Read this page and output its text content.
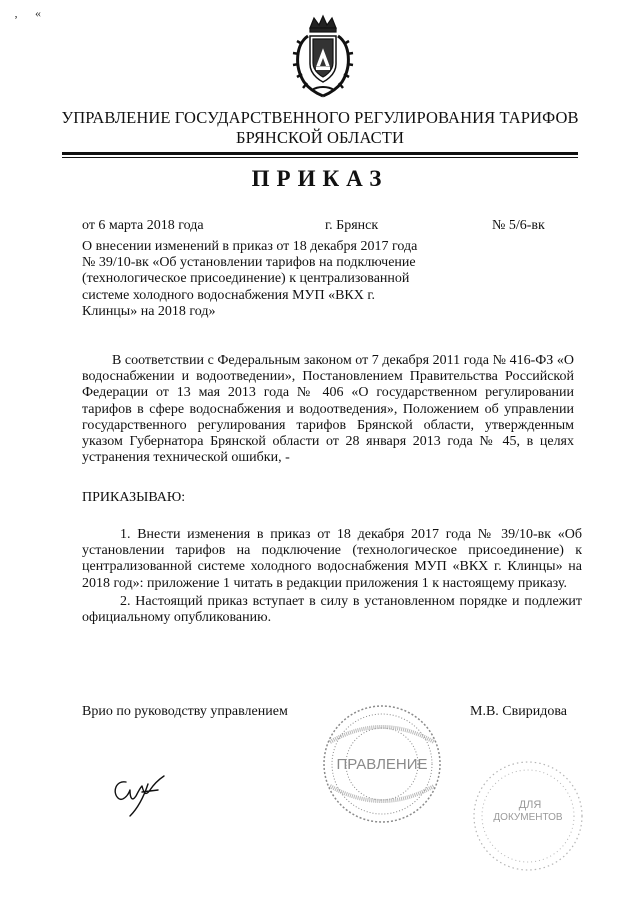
‚ «
УПРАВЛЕНИЕ ГОСУДАРСТВЕННОГО РЕГУЛИРОВАНИЯ ТАРИФОВ
БРЯНСКОЙ ОБЛАСТИ
ПРИКАЗ
от 6 марта 2018 года	г. Брянск	№ 5/6-вк
О внесении изменений в приказ от 18 декабря 2017 года № 39/10-вк «Об установлении тарифов на подключение (технологическое присоединение) к централизованной системе холодного водоснабжения МУП «ВКХ г. Клинцы» на 2018 год»
В соответствии с Федеральным законом от 7 декабря 2011 года № 416-ФЗ «О водоснабжении и водоотведении», Постановлением Правительства Российской Федерации от 13 мая 2013 года № 406 «О государственном регулировании тарифов в сфере водоснабжения и водоотведения», Положением об управлении государственного регулирования тарифов Брянской области, утвержденным указом Губернатора Брянской области от 28 января 2013 года № 45, в целях устранения технической ошибки, -
ПРИКАЗЫВАЮ:

1. Внести изменения в приказ от 18 декабря 2017 года № 39/10-вк «Об установлении тарифов на подключение (технологическое присоединение) к централизованной системе холодного водоснабжения МУП «ВКХ г. Клинцы» на 2018 год»: приложение 1 читать в редакции приложения 1 к настоящему приказу.

2. Настоящий приказ вступает в силу в установленном порядке и подлежит официальному опубликованию.

Врио по руководству управлением	М.В. Свиридова
ПРАВЛЕНИЕ
ДЛЯ
ДОКУМЕНТОВ
